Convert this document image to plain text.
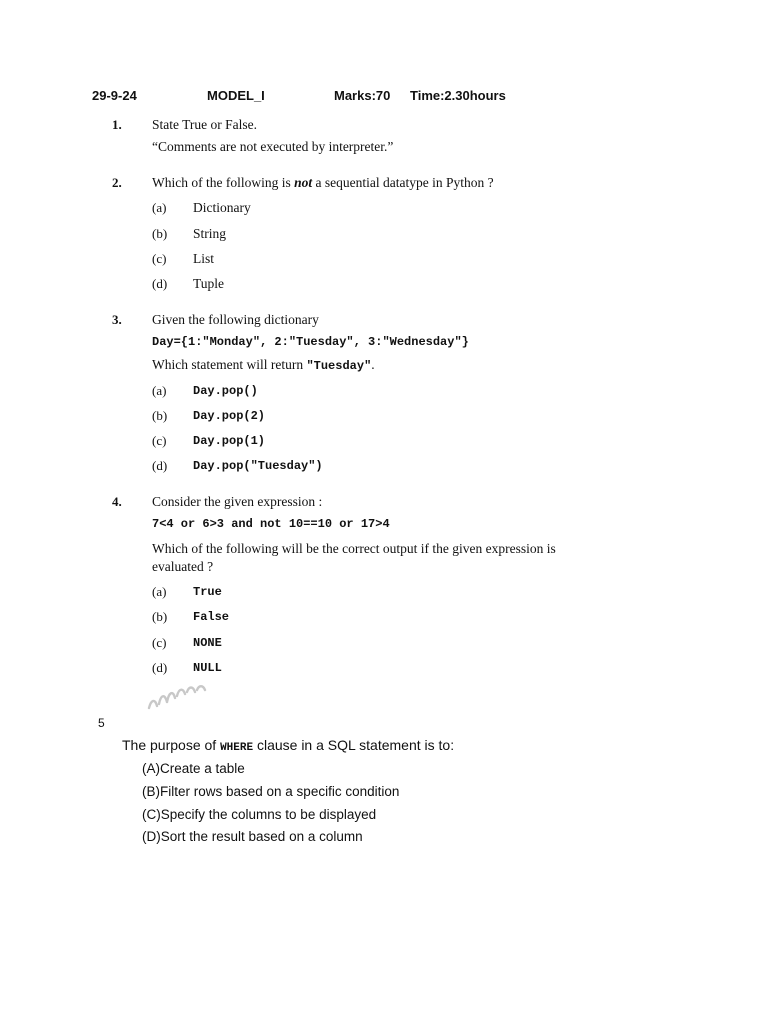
29-9-24	MODEL_I	Marks:70 Time:2.30hours
1. State True or False.
“Comments are not executed by interpreter.”
2. Which of the following is not a sequential datatype in Python ?
(a) Dictionary
(b) String
(c) List
(d) Tuple
3. Given the following dictionary
Day={1:"Monday", 2:"Tuesday", 3:"Wednesday"}
Which statement will return "Tuesday".
(a) Day.pop()
(b) Day.pop(2)
(c) Day.pop(1)
(d) Day.pop("Tuesday")
4. Consider the given expression :
7<4 or 6>3 and not 10==10 or 17>4
Which of the following will be the correct output if the given expression is
evaluated ?
(a) True
(b) False
(c) NONE
(d) NULL
5
The purpose of WHERE clause in a SQL statement is to:
(A)Create a table
(B)Filter rows based on a specific condition
(C)Specify the columns to be displayed
(D)Sort the result based on a column
